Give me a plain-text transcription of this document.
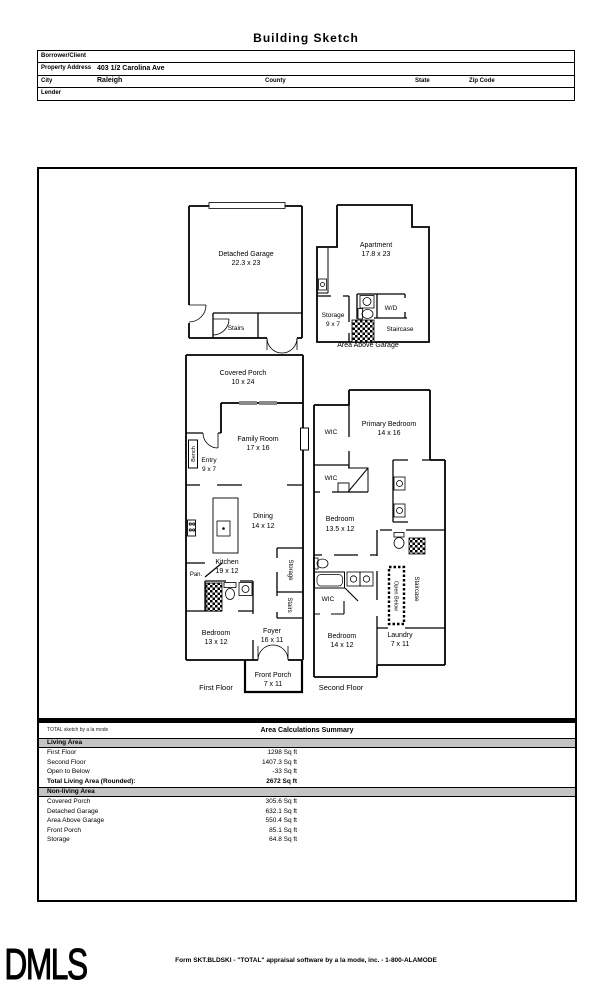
Building Sketch
Borrower/Client
Property Address 403 1/2 Carolina Ave
City	Raleigh	County	State	Zip Code
Lender
Detached Garage
22.3 x 23
Stairs
Apartment
17.8 x 23
Storage
9 x 7
W/D
Staircase
Area Above Garage
Covered Porch
10 x 24
Family Room
17 x 16
Bench Entry
9 x 7
Dining
14 x 12
Kitchen
19 x 12
Pan.
Bedroom
13 x 12
Foyer
16 x 11
Storage
Stairs
Front Porch
7 x 11
First Floor
WIC
Primary Bedroom
14 x 16
WIC
Bedroom
13.5 x 12
WIC	Open Below Staircase
Bedroom
14 x 12
Laundry
7 x 11
Second Floor
TOTAL sketch by a la mode	Area Calculations Summary
Living Area
First Floor	1298 Sq ft
Second Floor	1407.3 Sq ft
Open to Below	-33 Sq ft
Total Living Area (Rounded):	2672 Sq ft
Non-living Area
Covered Porch	305.6 Sq ft
Detached Garage	632.1 Sq ft
Area Above Garage	550.4 Sq ft
Front Porch	85.1 Sq ft
Storage	64.8 Sq ft
DMLS	Form SKT.BLDSKI - "TOTAL" appraisal software by a la mode, inc. - 1-800-ALAMODE
